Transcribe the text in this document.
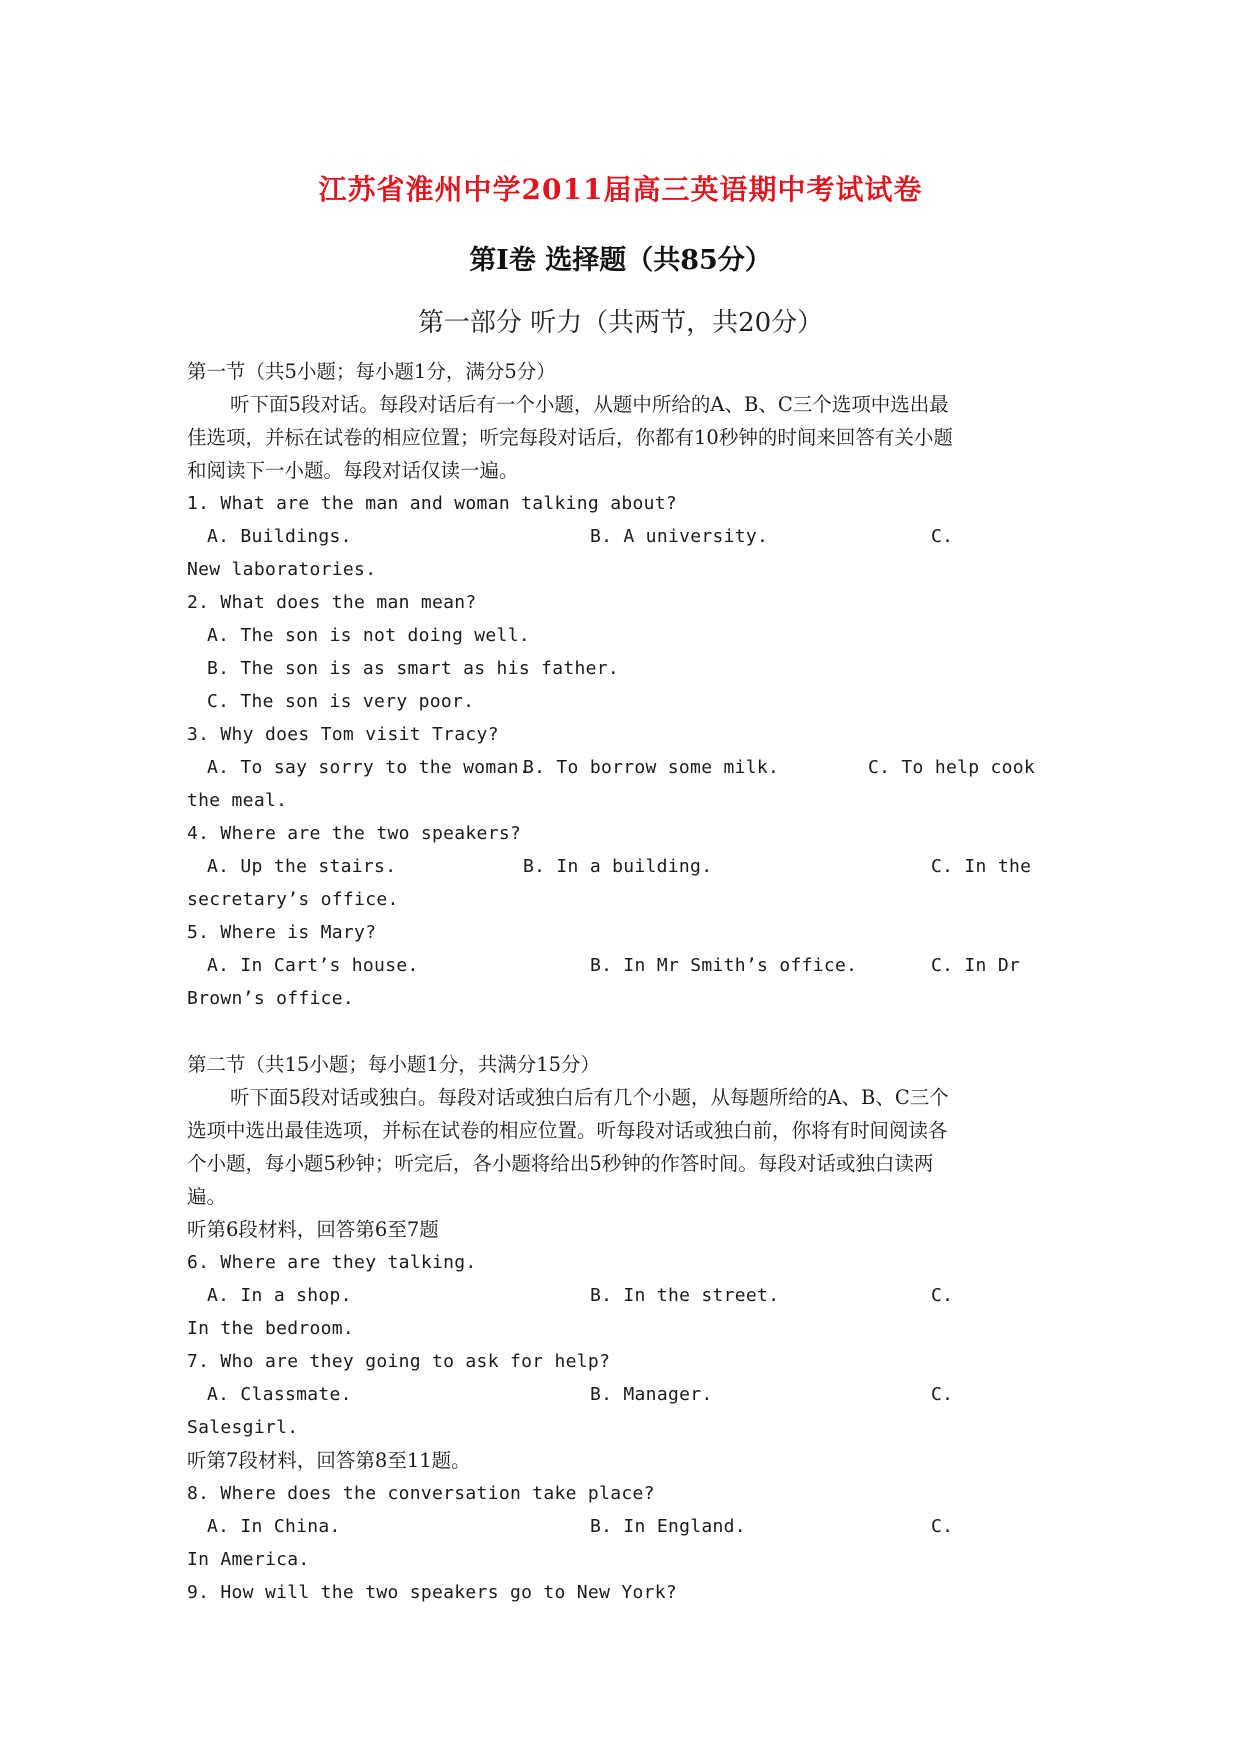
江苏省淮州中学2011届高三英语期中考试试卷
第Ⅰ卷 选择题（共85分）
第一部分 听力（共两节，共20分）
第一节（共5小题；每小题1分，满分5分）
听下面5段对话。每段对话后有一个小题，从题中所给的A、B、C三个选项中选出最
佳选项，并标在试卷的相应位置；听完每段对话后，你都有10秒钟的时间来回答有关小题
和阅读下一小题。每段对话仅读一遍。
1. What are the man and woman talking about?
A. Buildings.	B. A university.	C.
New laboratories.
2. What does the man mean?
A. The son is not doing well.
B. The son is as smart as his father.
C. The son is very poor.
3. Why does Tom visit Tracy?
A. To say sorry to the woman.
B. To borrow some milk.	C. To help cook
the meal.
4. Where are the two speakers?
A. Up the stairs.	B. In a building.	C. In the
secretary’s office.
5. Where is Mary?
A. In Cart’s house.	B. In Mr Smith’s office.	C. In Dr
Brown’s office.
第二节（共15小题；每小题1分，共满分15分）
听下面5段对话或独白。每段对话或独白后有几个小题，从每题所给的A、B、C三个
选项中选出最佳选项，并标在试卷的相应位置。听每段对话或独白前，你将有时间阅读各
个小题，每小题5秒钟；听完后，各小题将给出5秒钟的作答时间。每段对话或独白读两
遍。
听第6段材料，回答第6至7题
6. Where are they talking.
A. In a shop.	B. In the street.	C.
In the bedroom.
7. Who are they going to ask for help?
A. Classmate.	B. Manager.	C.
Salesgirl.
听第7段材料，回答第8至11题。
8. Where does the conversation take place?
A. In China.	B. In England.	C.
In America.
9. How will the two speakers go to New York?
